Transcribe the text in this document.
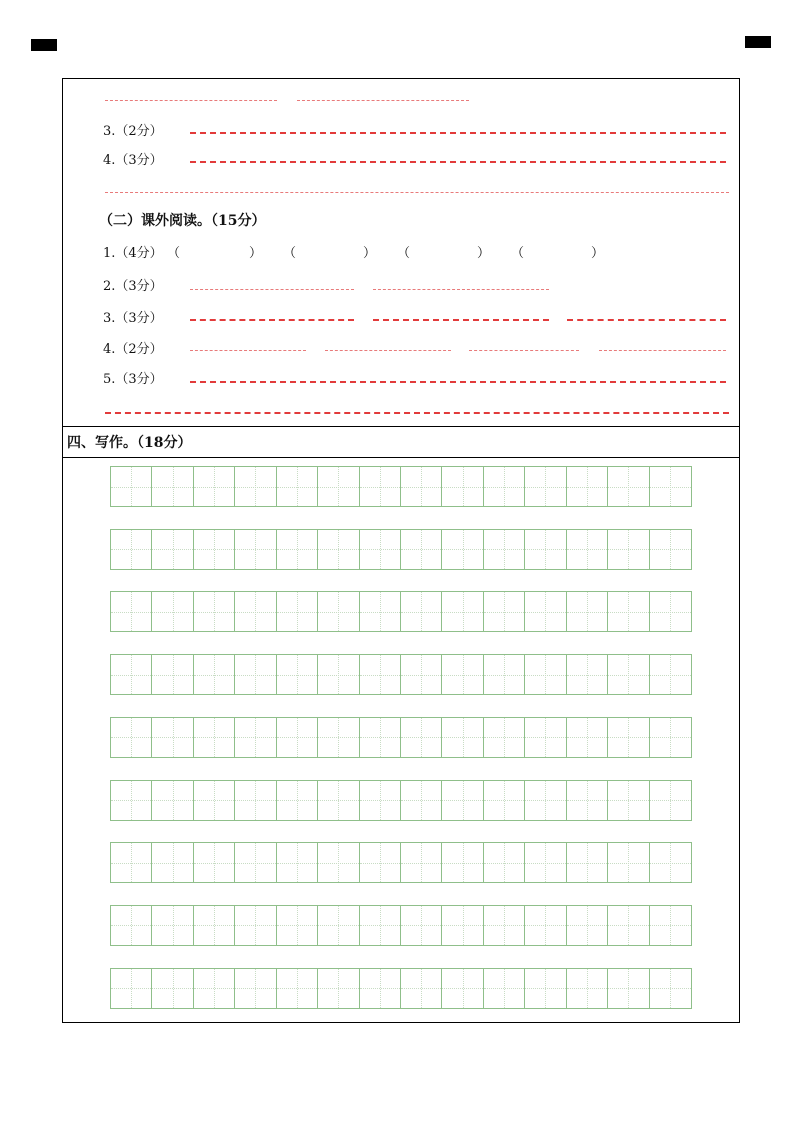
3.（2分）
4.（3分）
（二）课外阅读。（15分）
1.（4分） （	） （	） （	） （	）
2.（3分）
3.（3分）
4.（2分）
5.（3分）
四、写作。（18分）
